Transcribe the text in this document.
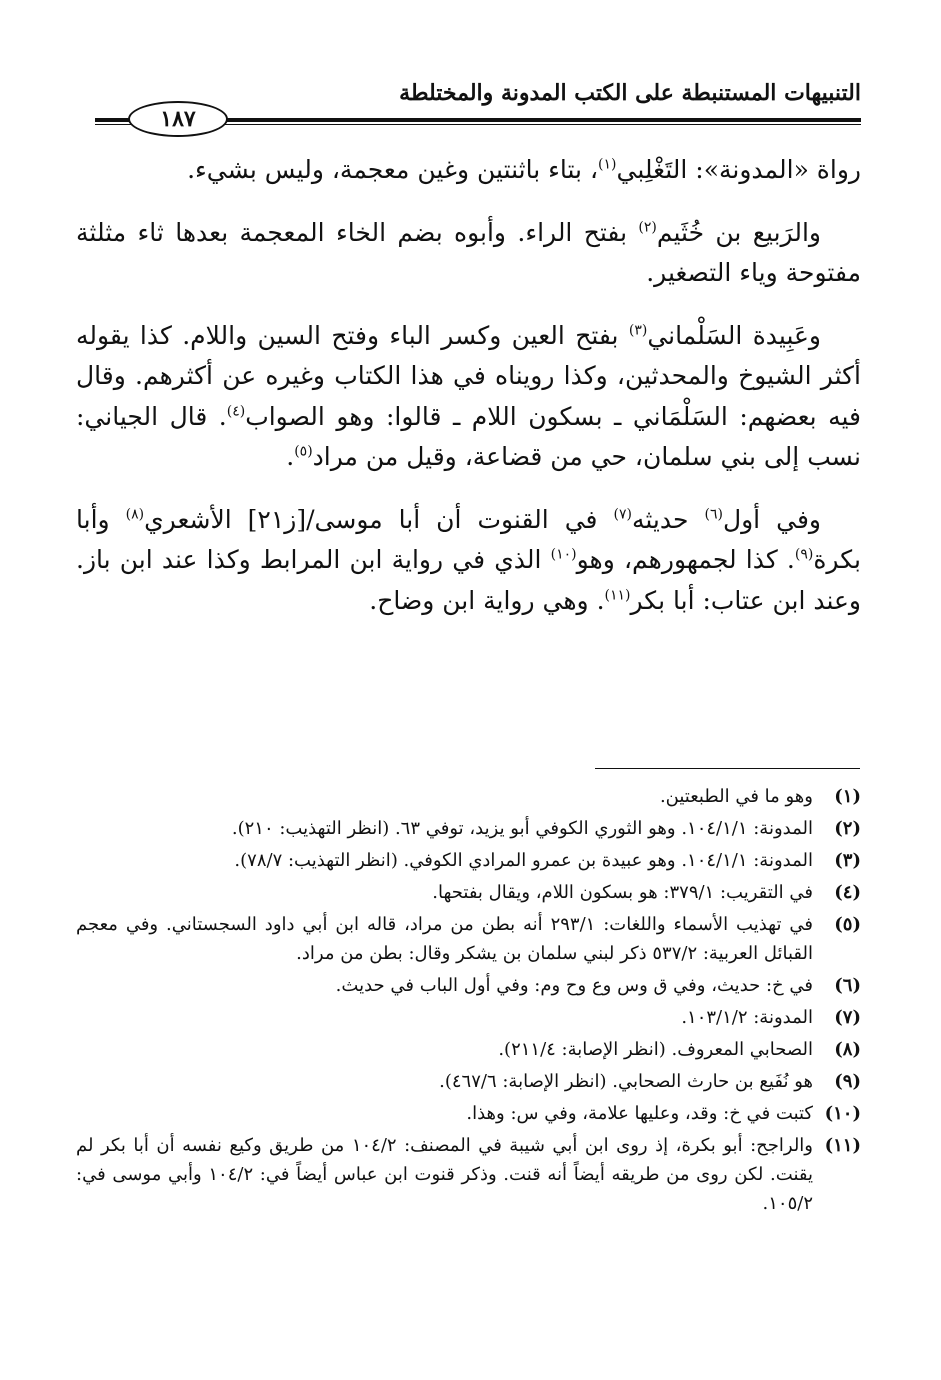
التنبيهات المستنبطة على الكتب المدونة والمختلطة
١٨٧

رواة «المدونة»: التَغْلِبي$^{(١)}$، بتاء باثنتين وغين معجمة، وليس بشيء.

والرَبيع بن خُثَيم$^{(٢)}$ بفتح الراء. وأبوه بضم الخاء المعجمة بعدها ثاء مثلثة مفتوحة وياء التصغير.

وعَبِيدة السَلْماني$^{(٣)}$ بفتح العين وكسر الباء وفتح السين واللام. كذا يقوله أكثر الشيوخ والمحدثين، وكذا رويناه في هذا الكتاب وغيره عن أكثرهم. وقال فيه بعضهم: السَلْمَاني ـ بسكون اللام ـ قالوا: وهو الصواب$^{(٤)}$. قال الجياني: نسب إلى بني سلمان، حي من قضاعة، وقيل من مراد$^{(٥)}$.

وفي أول$^{(٦)}$ حديثه$^{(٧)}$ في القنوت أن أبا موسى/[ز٢١] الأشعري$^{(٨)}$ وأبا بكرة$^{(٩)}$. كذا لجمهورهم، وهو$^{(١٠)}$ الذي في رواية ابن المرابط وكذا عند ابن باز. وعند ابن عتاب: أبا بكر$^{(١١)}$. وهي رواية ابن وضاح.

(١)
وهو ما في الطبعتين.
(٢)
المدونة: ١٠٤/١/١. وهو الثوري الكوفي أبو يزيد، توفي ٦٣. (انظر التهذيب: ٢١٠).
(٣)
المدونة: ١٠٤/١/١. وهو عبيدة بن عمرو المرادي الكوفي. (انظر التهذيب: ٧٨/٧).
(٤)
في التقريب: ٣٧٩/١: هو بسكون اللام، ويقال بفتحها.
(٥)
في تهذيب الأسماء واللغات: ٢٩٣/١ أنه بطن من مراد، قاله ابن أبي داود السجستاني. وفي معجم القبائل العربية: ٥٣٧/٢ ذكر لبني سلمان بن يشكر وقال: بطن من مراد.
(٦)
في خ: حديث، وفي ق وس وع وح وم: وفي أول الباب في حديث.
(٧)
المدونة: ١٠٣/١/٢.
(٨)
الصحابي المعروف. (انظر الإصابة: ٢١١/٤).
(٩)
هو نُفَيع بن حارث الصحابي. (انظر الإصابة: ٤٦٧/٦).
(١٠)
كتبت في خ: وقد، وعليها علامة، وفي س: وهذا.
(١١)
والراجح: أبو بكرة، إذ روى ابن أبي شيبة في المصنف: ١٠٤/٢ من طريق وكيع نفسه أن أبا بكر لم يقنت. لكن روى من طريقه أيضاً أنه قنت. وذكر قنوت ابن عباس أيضاً في: ١٠٤/٢ وأبي موسى في: ١٠٥/٢.
